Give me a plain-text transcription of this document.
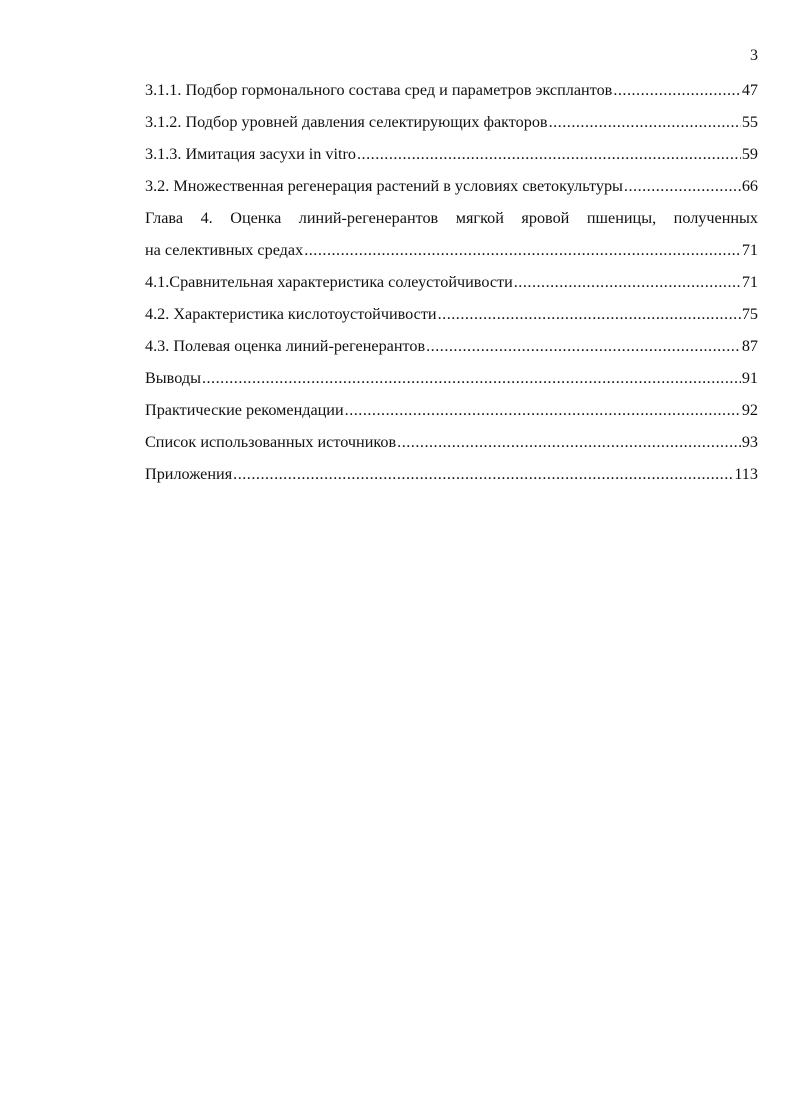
3
3.1.1. Подбор гормонального состава сред и параметров эксплантов .....	47
3.1.2. Подбор уровней давления селектирующих факторов .....	55
3.1.3. Имитация засухи in vitro .....	59
3.2. Множественная регенерация растений в условиях светокультуры .....	66
Глава 4. Оценка линий-регенерантов мягкой яровой пшеницы, полученных
на селективных средах .....	71
4.1.Сравнительная характеристика солеустойчивости .....	71
4.2. Характеристика кислотоустойчивости .....	75
4.3. Полевая оценка линий-регенерантов .....	87
Выводы .....	91
Практические рекомендации .....	92
Список использованных источников .....	93
Приложения .....	113
